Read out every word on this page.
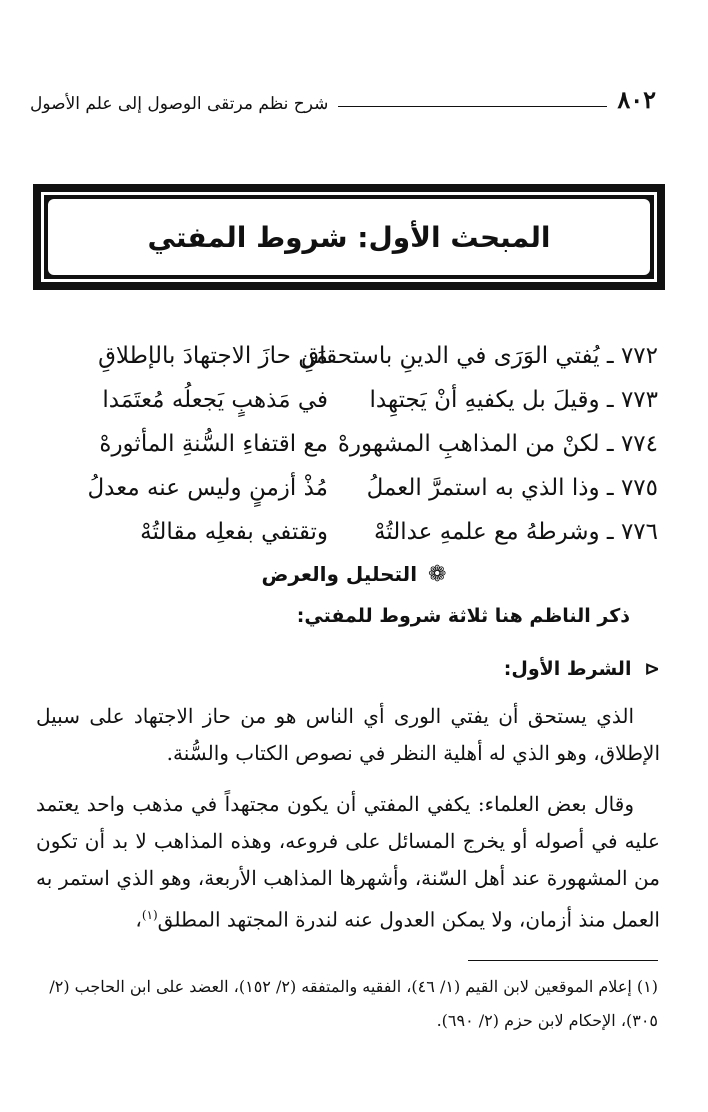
٨٠٢
شرح نظم مرتقى الوصول إلى علم الأصول
المبحث الأول: شروط المفتي
٧٧٢ ـ يُفتي الوَرَى في الدينِ باستحقاقِ
مَن حازَ الاجتهادَ بالإطلاقِ
٧٧٣ ـ وقيلَ بل يكفيهِ أنْ يَجتهِدا
في مَذهبٍ يَجعلُه مُعتَمَدا
٧٧٤ ـ لكنْ من المذاهبِ المشهورهْ
مع اقتفاءِ السُّنةِ المأثورهْ
٧٧٥ ـ وذا الذي به استمرَّ العملُ
مُذْ أزمنٍ وليس عنه معدلُ
٧٧٦ ـ وشرطهُ مع علمهِ عدالتُهْ
وتقتفي بفعلِه مقالتُهْ
❁ التحليل والعرض
ذكر الناظم هنا ثلاثة شروط للمفتي:
⊲ الشرط الأول:
الذي يستحق أن يفتي الورى أي الناس هو من حاز الاجتهاد على سبيل الإطلاق، وهو الذي له أهلية النظر في نصوص الكتاب والسُّنة.
وقال بعض العلماء: يكفي المفتي أن يكون مجتهداً في مذهب واحد يعتمد عليه في أصوله أو يخرج المسائل على فروعه، وهذه المذاهب لا بد أن تكون من المشهورة عند أهل السّنة، وأشهرها المذاهب الأربعة، وهو الذي استمر به العمل منذ أزمان، ولا يمكن العدول عنه لندرة المجتهد المطلق$^{(١)}$،
(١) إعلام الموقعين لابن القيم (١/ ٤٦)، الفقيه والمتفقه (٢/ ١٥٢)، العضد على ابن الحاجب (٢/ ٣٠٥)، الإحكام لابن حزم (٢/ ٦٩٠).
